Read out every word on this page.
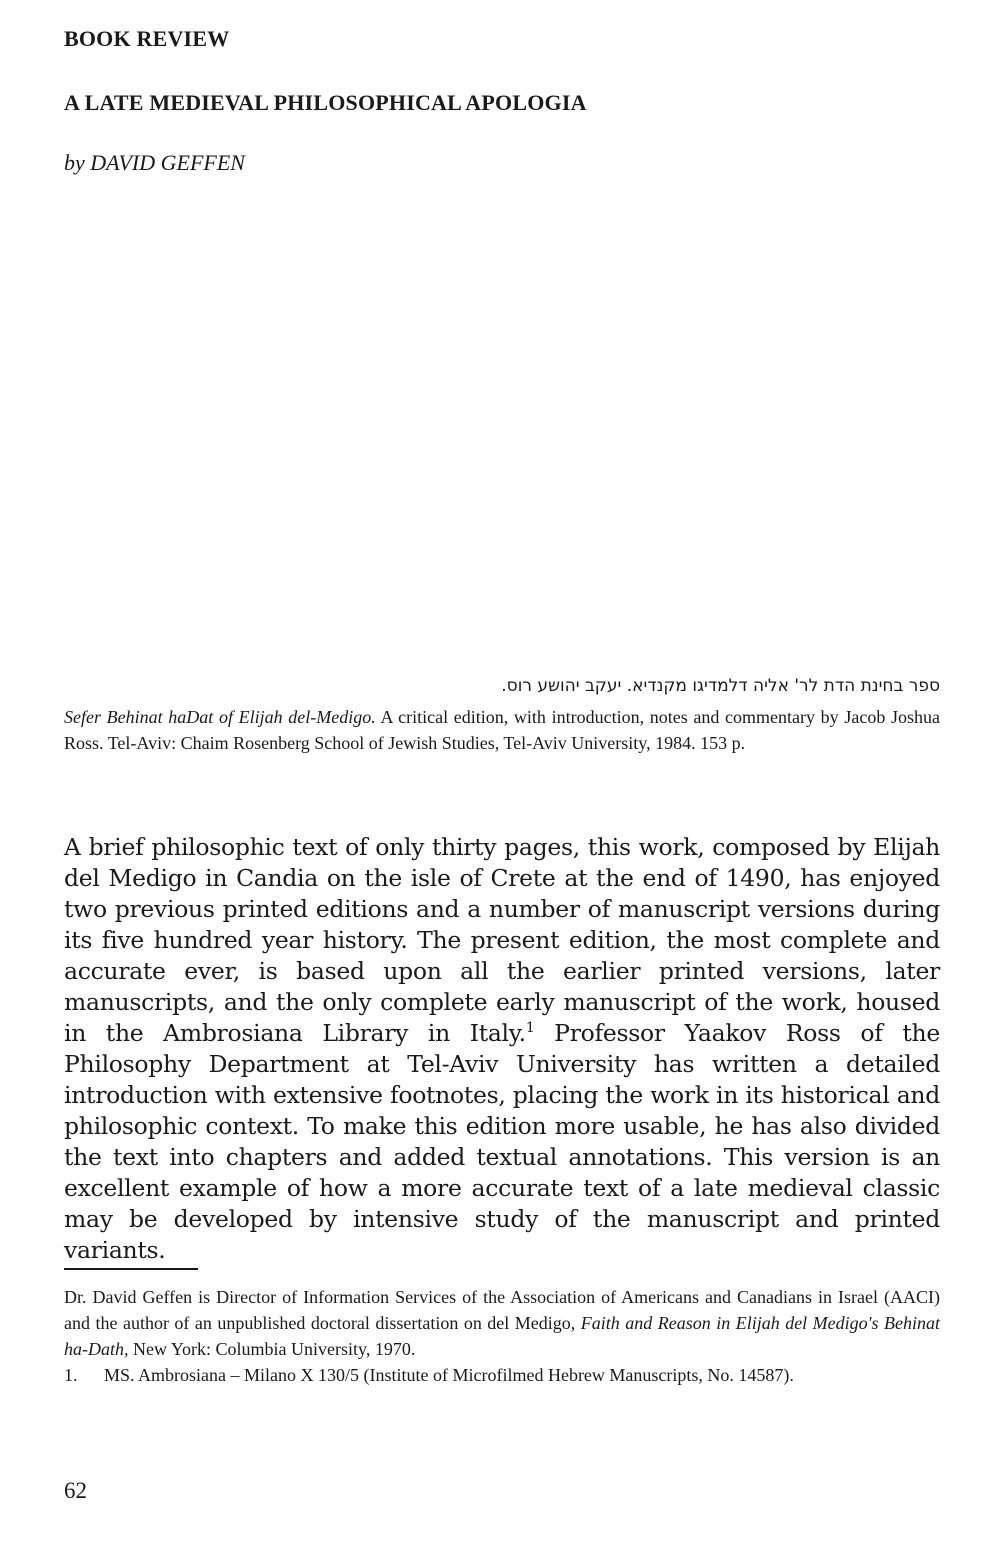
BOOK REVIEW
A LATE MEDIEVAL PHILOSOPHICAL APOLOGIA
by DAVID GEFFEN
ספר בחינת הדת לר' אליה דלמדיגו מקנדיא. יעקב יהושע רוס.
Sefer Behinat haDat of Elijah del-Medigo. A critical edition, with introduction, notes and commentary by Jacob Joshua Ross. Tel-Aviv: Chaim Rosenberg School of Jewish Studies, Tel-Aviv University, 1984. 153 p.
A brief philosophic text of only thirty pages, this work, composed by Elijah del Medigo in Candia on the isle of Crete at the end of 1490, has enjoyed two previous printed editions and a number of manuscript versions during its five hundred year history. The present edition, the most complete and accurate ever, is based upon all the earlier printed versions, later manuscripts, and the only complete early manuscript of the work, housed in the Ambrosiana Library in Italy.$^1$ Professor Yaakov Ross of the Philosophy Department at Tel-Aviv University has written a detailed introduction with extensive footnotes, placing the work in its historical and philosophic context. To make this edition more usable, he has also divided the text into chapters and added textual annotations. This version is an excellent example of how a more accurate text of a late medieval classic may be developed by intensive study of the manuscript and printed variants.

Dr. David Geffen is Director of Information Services of the Association of Americans and Canadians in Israel (AACI) and the author of an unpublished doctoral dissertation on del Medigo, Faith and Reason in Elijah del Medigo's Behinat ha-Dath, New York: Columbia University, 1970.

1. MS. Ambrosiana – Milano X 130/5 (Institute of Microfilmed Hebrew Manuscripts, No. 14587).

62
